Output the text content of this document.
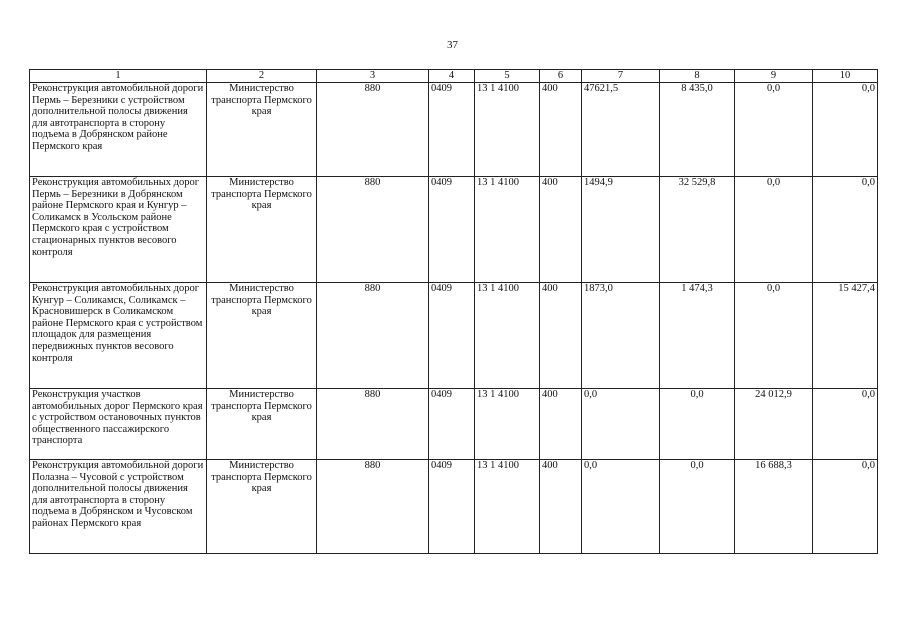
37
1	2	3	4	5	6	7	8	9	10
Реконструкция автомобильной дороги Пермь – Березники с устройством дополнительной полосы движения для автотранспорта в сторону подъема в Добрянском районе Пермского края	Министерство транспорта Пермского края	880	0409	13 1 4100	400	47621,5	8 435,0	0,0	0,0
Реконструкция автомобильных дорог Пермь – Березники в Добрянском районе Пермского края и Кунгур – Соликамск в Усольском районе Пермского края с устройством стационарных пунктов весового контроля	Министерство транспорта Пермского края	880	0409	13 1 4100	400	1494,9	32 529,8	0,0	0,0
Реконструкция автомобильных дорог Кунгур – Соликамск, Соликамск – Красновишерск в Соликамском районе Пермского края с устройством площадок для размещения передвижных пунктов весового контроля	Министерство транспорта Пермского края	880	0409	13 1 4100	400	1873,0	1 474,3	0,0	15 427,4
Реконструкция участков автомобильных дорог Пермского края с устройством остановочных пунктов общественного пассажирского транспорта	Министерство транспорта Пермского края	880	0409	13 1 4100	400	0,0	0,0	24 012,9	0,0
Реконструкция автомобильной дороги Полазна – Чусовой с устройством дополнительной полосы движения для автотранспорта в сторону подъема в Добрянском и Чусовском районах Пермского края	Министерство транспорта Пермского края	880	0409	13 1 4100	400	0,0	0,0	16 688,3	0,0
